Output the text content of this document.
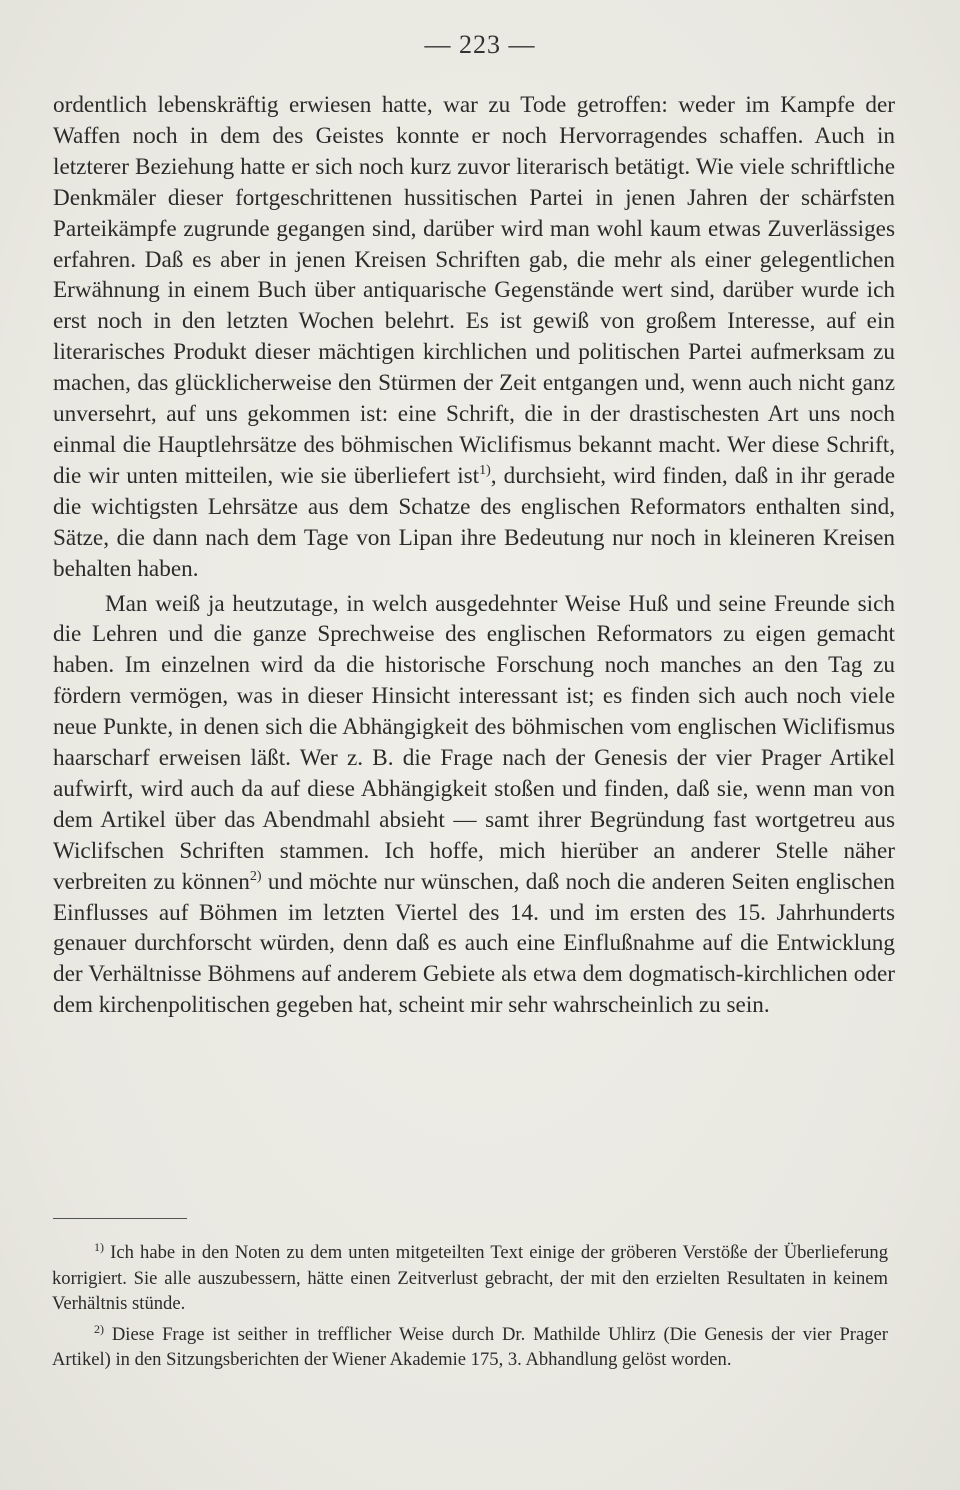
— 223 —

ordentlich lebenskräftig erwiesen hatte, war zu Tode getroffen: weder im Kampfe der Waffen noch in dem des Geistes konnte er noch Hervorragendes schaffen. Auch in letzterer Beziehung hatte er sich noch kurz zuvor literarisch betätigt. Wie viele schriftliche Denkmäler dieser fortgeschrittenen hussitischen Partei in jenen Jahren der schärfsten Parteikämpfe zugrunde gegangen sind, darüber wird man wohl kaum etwas Zuverlässiges erfahren. Daß es aber in jenen Kreisen Schriften gab, die mehr als einer gelegentlichen Erwähnung in einem Buch über antiquarische Gegenstände wert sind, darüber wurde ich erst noch in den letzten Wochen belehrt. Es ist gewiß von großem Interesse, auf ein literarisches Produkt dieser mächtigen kirchlichen und politischen Partei aufmerksam zu machen, das glücklicherweise den Stürmen der Zeit entgangen und, wenn auch nicht ganz unversehrt, auf uns gekommen ist: eine Schrift, die in der drastischesten Art uns noch einmal die Hauptlehrsätze des böhmischen Wiclifismus bekannt macht. Wer diese Schrift, die wir unten mitteilen, wie sie überliefert ist$^{1)}$, durchsieht, wird finden, daß in ihr gerade die wichtigsten Lehrsätze aus dem Schatze des englischen Reformators enthalten sind, Sätze, die dann nach dem Tage von Lipan ihre Bedeutung nur noch in kleineren Kreisen behalten haben.

Man weiß ja heutzutage, in welch ausgedehnter Weise Huß und seine Freunde sich die Lehren und die ganze Sprechweise des englischen Reformators zu eigen gemacht haben. Im einzelnen wird da die historische Forschung noch manches an den Tag zu fördern vermögen, was in dieser Hinsicht interessant ist; es finden sich auch noch viele neue Punkte, in denen sich die Abhängigkeit des böhmischen vom englischen Wiclifismus haarscharf erweisen läßt. Wer z. B. die Frage nach der Genesis der vier Prager Artikel aufwirft, wird auch da auf diese Abhängigkeit stoßen und finden, daß sie, wenn man von dem Artikel über das Abendmahl absieht — samt ihrer Begründung fast wortgetreu aus Wiclifschen Schriften stammen. Ich hoffe, mich hierüber an anderer Stelle näher verbreiten zu können$^{2)}$ und möchte nur wünschen, daß noch die anderen Seiten englischen Einflusses auf Böhmen im letzten Viertel des 14. und im ersten des 15. Jahrhunderts genauer durchforscht würden, denn daß es auch eine Einflußnahme auf die Entwicklung der Verhältnisse Böhmens auf anderem Gebiete als etwa dem dogmatisch-kirchlichen oder dem kirchenpolitischen gegeben hat, scheint mir sehr wahrscheinlich zu sein.

$^{1)}$ Ich habe in den Noten zu dem unten mitgeteilten Text einige der gröberen Verstöße der Überlieferung korrigiert. Sie alle auszubessern, hätte einen Zeitverlust gebracht, der mit den erzielten Resultaten in keinem Verhältnis stünde.

$^{2)}$ Diese Frage ist seither in trefflicher Weise durch Dr. Mathilde Uhlirz (Die Genesis der vier Prager Artikel) in den Sitzungsberichten der Wiener Akademie 175, 3. Abhandlung gelöst worden.
